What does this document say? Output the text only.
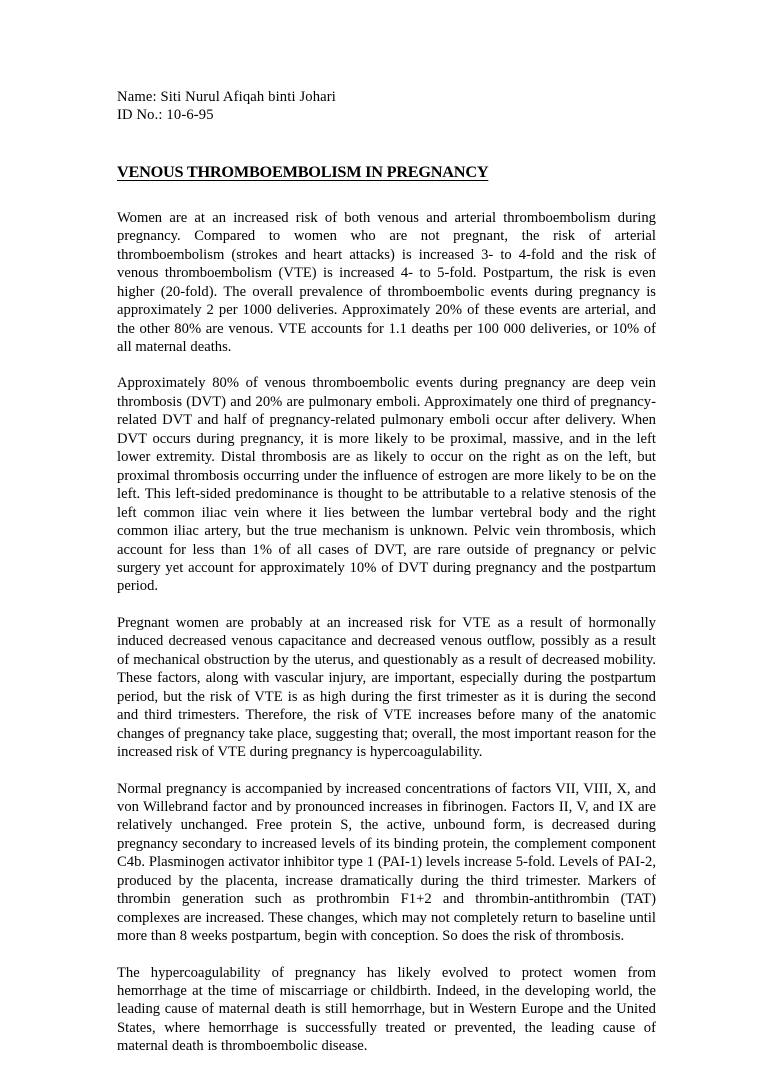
Name: Siti Nurul Afiqah binti Johari
ID No.: 10-6-95
VENOUS THROMBOEMBOLISM IN PREGNANCY

Women are at an increased risk of both venous and arterial thromboembolism during pregnancy. Compared to women who are not pregnant, the risk of arterial thromboembolism (strokes and heart attacks) is increased 3- to 4-fold and the risk of venous thromboembolism (VTE) is increased 4- to 5-fold. Postpartum, the risk is even higher (20-fold). The overall prevalence of thromboembolic events during pregnancy is approximately 2 per 1000 deliveries. Approximately 20% of these events are arterial, and the other 80% are venous. VTE accounts for 1.1 deaths per 100 000 deliveries, or 10% of all maternal deaths.

Approximately 80% of venous thromboembolic events during pregnancy are deep vein thrombosis (DVT) and 20% are pulmonary emboli. Approximately one third of pregnancy-related DVT and half of pregnancy-related pulmonary emboli occur after delivery. When DVT occurs during pregnancy, it is more likely to be proximal, massive, and in the left lower extremity. Distal thrombosis are as likely to occur on the right as on the left, but proximal thrombosis occurring under the influence of estrogen are more likely to be on the left. This left-sided predominance is thought to be attributable to a relative stenosis of the left common iliac vein where it lies between the lumbar vertebral body and the right common iliac artery, but the true mechanism is unknown. Pelvic vein thrombosis, which account for less than 1% of all cases of DVT, are rare outside of pregnancy or pelvic surgery yet account for approximately 10% of DVT during pregnancy and the postpartum period.

Pregnant women are probably at an increased risk for VTE as a result of hormonally induced decreased venous capacitance and decreased venous outflow, possibly as a result of mechanical obstruction by the uterus, and questionably as a result of decreased mobility. These factors, along with vascular injury, are important, especially during the postpartum period, but the risk of VTE is as high during the first trimester as it is during the second and third trimesters. Therefore, the risk of VTE increases before many of the anatomic changes of pregnancy take place, suggesting that; overall, the most important reason for the increased risk of VTE during pregnancy is hypercoagulability.

Normal pregnancy is accompanied by increased concentrations of factors VII, VIII, X, and von Willebrand factor and by pronounced increases in fibrinogen. Factors II, V, and IX are relatively unchanged. Free protein S, the active, unbound form, is decreased during pregnancy secondary to increased levels of its binding protein, the complement component C4b. Plasminogen activator inhibitor type 1 (PAI-1) levels increase 5-fold. Levels of PAI-2, produced by the placenta, increase dramatically during the third trimester. Markers of thrombin generation such as prothrombin F1+2 and thrombin-antithrombin (TAT) complexes are increased. These changes, which may not completely return to baseline until more than 8 weeks postpartum, begin with conception. So does the risk of thrombosis.

The hypercoagulability of pregnancy has likely evolved to protect women from hemorrhage at the time of miscarriage or childbirth. Indeed, in the developing world, the leading cause of maternal death is still hemorrhage, but in Western Europe and the United States, where hemorrhage is successfully treated or prevented, the leading cause of maternal death is thromboembolic disease.
